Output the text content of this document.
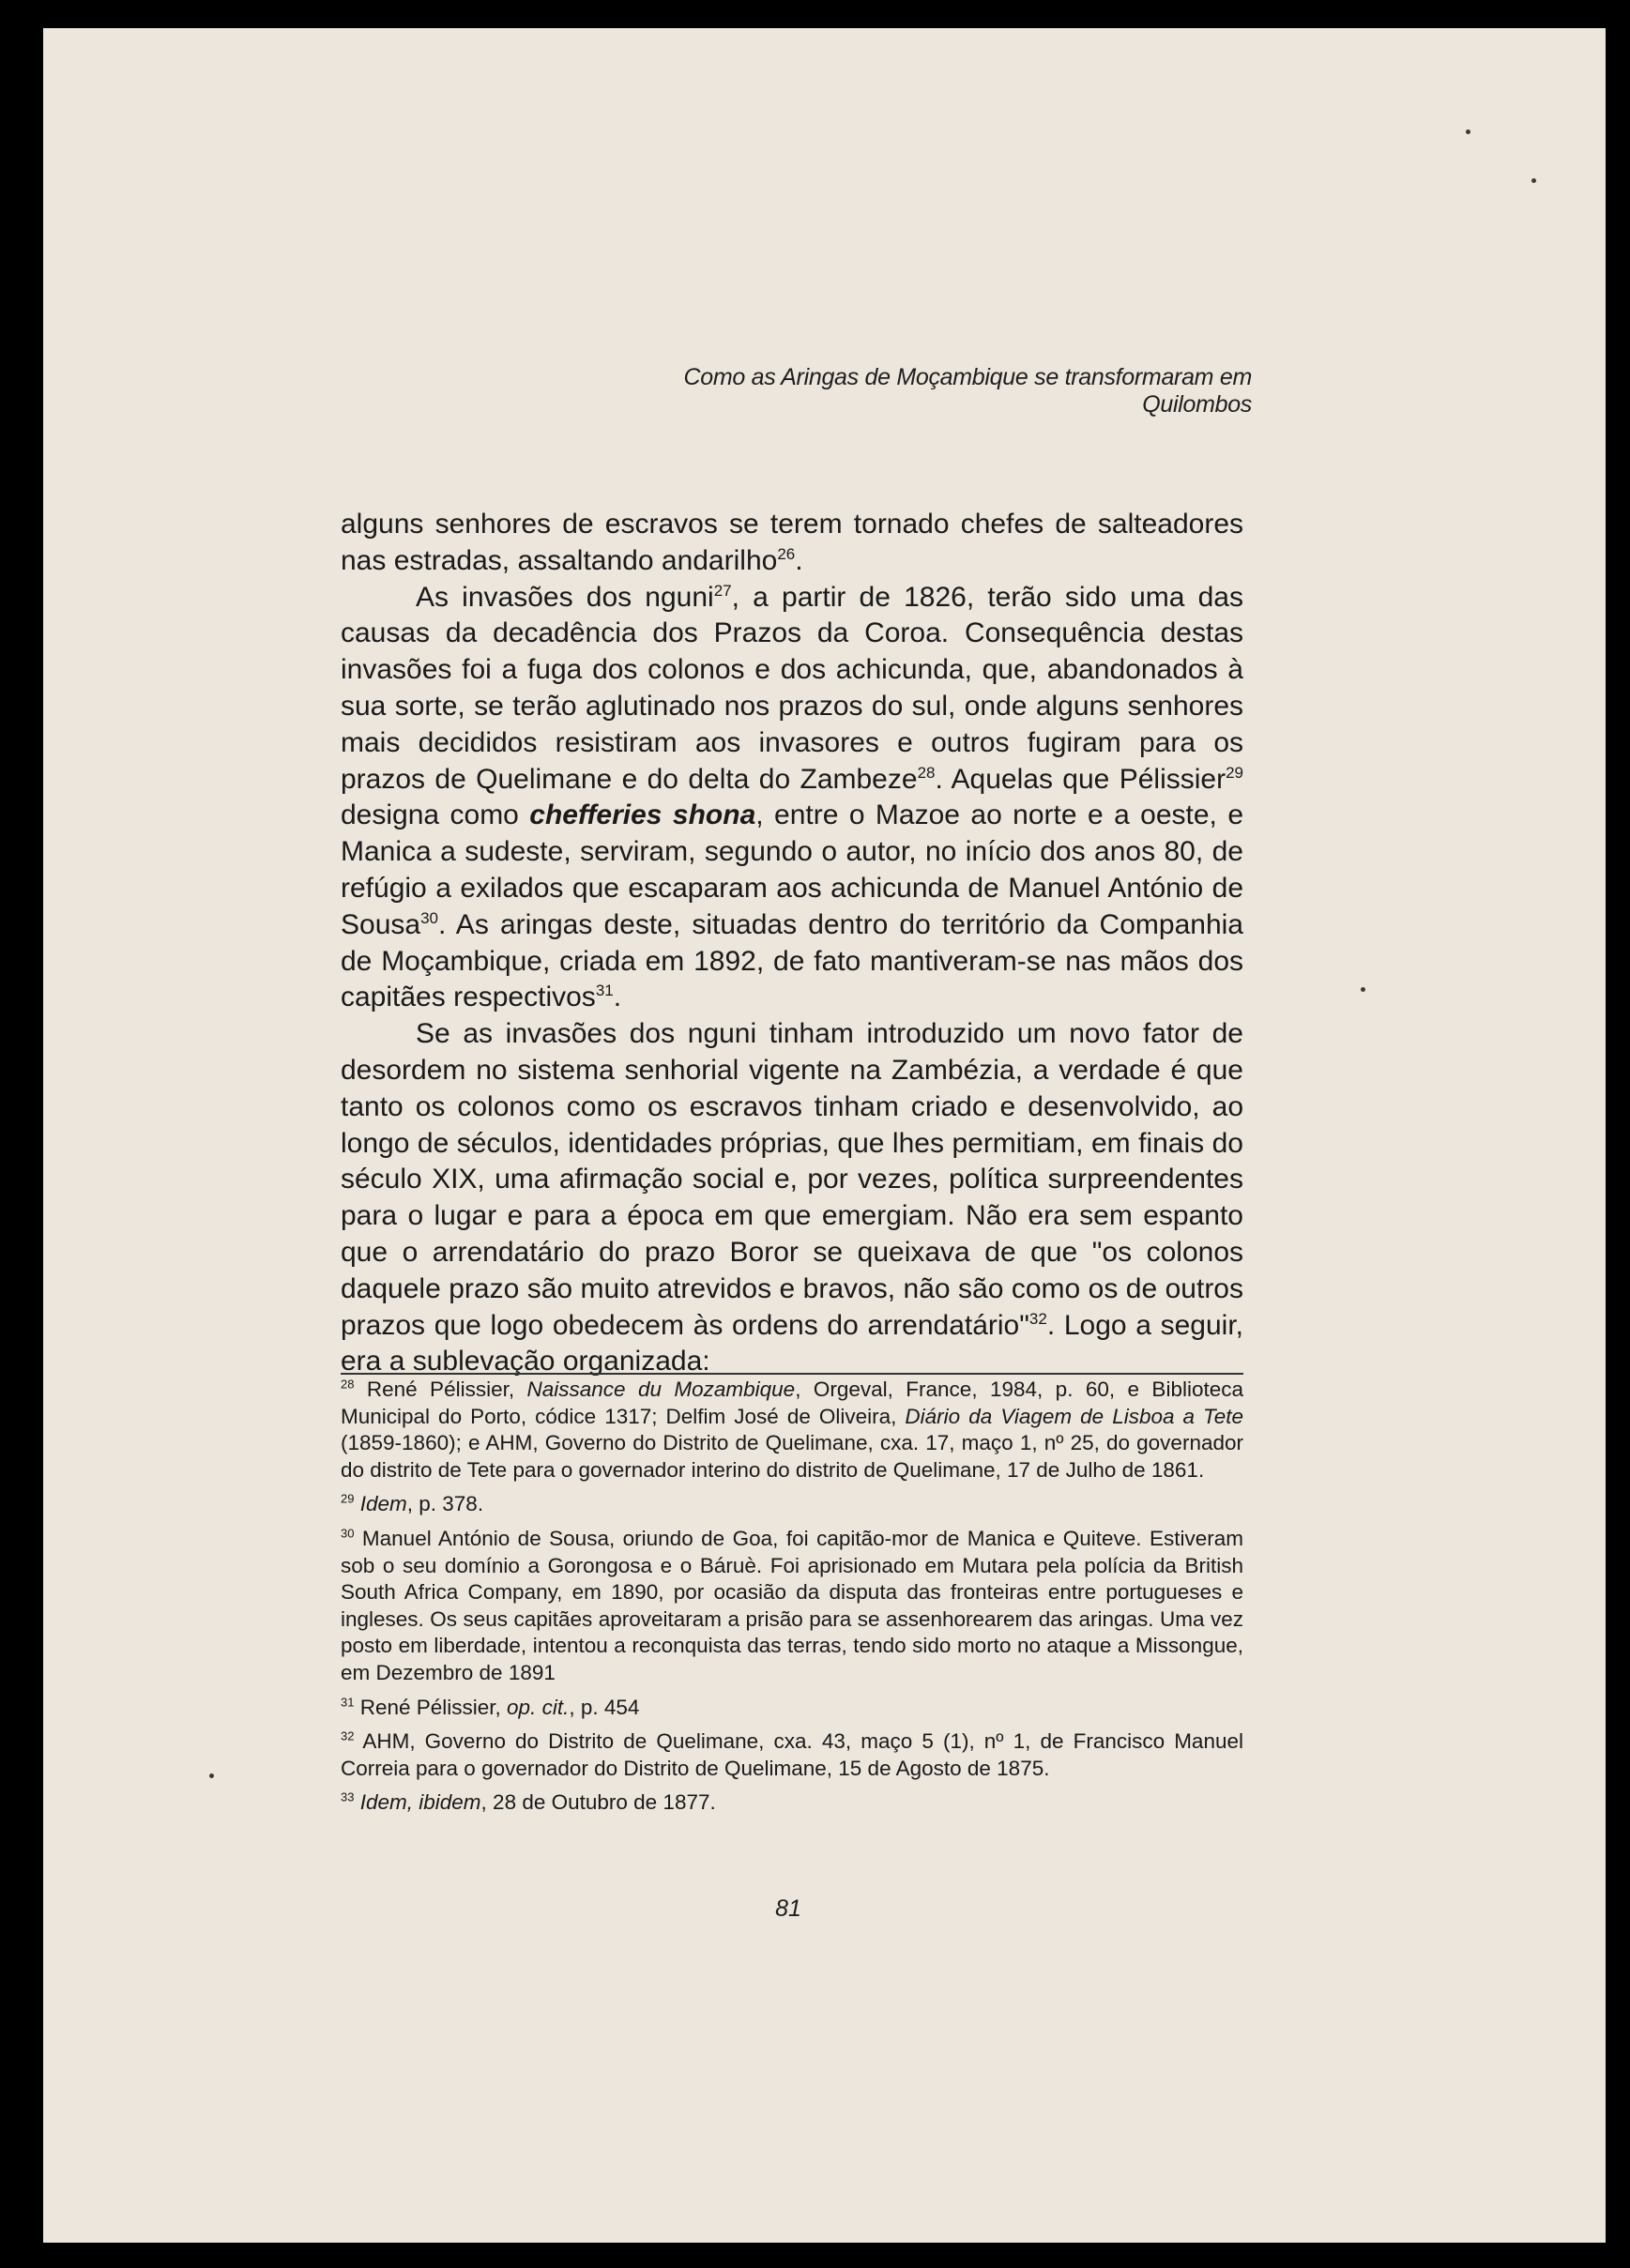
Como as Aringas de Moçambique se transformaram em Quilombos

alguns senhores de escravos se terem tornado chefes de salteadores nas estradas, assaltando andarilho$^{26}$.

As invasões dos nguni$^{27}$, a partir de 1826, terão sido uma das causas da decadência dos Prazos da Coroa. Consequência destas invasões foi a fuga dos colonos e dos achicunda, que, abandonados à sua sorte, se terão aglutinado nos prazos do sul, onde alguns senhores mais decididos resistiram aos invasores e outros fugiram para os prazos de Quelimane e do delta do Zambeze$^{28}$. Aquelas que Pélissier$^{29}$ designa como chefferies shona, entre o Mazoe ao norte e a oeste, e Manica a sudeste, serviram, segundo o autor, no início dos anos 80, de refúgio a exilados que escaparam aos achicunda de Manuel António de Sousa$^{30}$. As aringas deste, situadas dentro do território da Companhia de Moçambique, criada em 1892, de fato mantiveram-se nas mãos dos capitães respectivos$^{31}$.

Se as invasões dos nguni tinham introduzido um novo fator de desordem no sistema senhorial vigente na Zambézia, a verdade é que tanto os colonos como os escravos tinham criado e desenvolvido, ao longo de séculos, identidades próprias, que lhes permitiam, em finais do século XIX, uma afirmação social e, por vezes, política surpreendentes para o lugar e para a época em que emergiam. Não era sem espanto que o arrendatário do prazo Boror se queixava de que "os colonos daquele prazo são muito atrevidos e bravos, não são como os de outros prazos que logo obedecem às ordens do arrendatário"$^{32}$. Logo a seguir, era a sublevação organizada:

$^{28}$ René Pélissier, Naissance du Mozambique, Orgeval, France, 1984, p. 60, e Biblioteca Municipal do Porto, códice 1317; Delfim José de Oliveira, Diário da Viagem de Lisboa a Tete (1859-1860); e AHM, Governo do Distrito de Quelimane, cxa. 17, maço 1, nº 25, do governador do distrito de Tete para o governador interino do distrito de Quelimane, 17 de Julho de 1861.

$^{29}$ Idem, p. 378.

$^{30}$ Manuel António de Sousa, oriundo de Goa, foi capitão-mor de Manica e Quiteve. Estiveram sob o seu domínio a Gorongosa e o Báruè. Foi aprisionado em Mutara pela polícia da British South Africa Company, em 1890, por ocasião da disputa das fronteiras entre portugueses e ingleses. Os seus capitães aproveitaram a prisão para se assenhorearem das aringas. Uma vez posto em liberdade, intentou a reconquista das terras, tendo sido morto no ataque a Missongue, em Dezembro de 1891

$^{31}$ René Pélissier, op. cit., p. 454

$^{32}$ AHM, Governo do Distrito de Quelimane, cxa. 43, maço 5 (1), nº 1, de Francisco Manuel Correia para o governador do Distrito de Quelimane, 15 de Agosto de 1875.

$^{33}$ Idem, ibidem, 28 de Outubro de 1877.

81
